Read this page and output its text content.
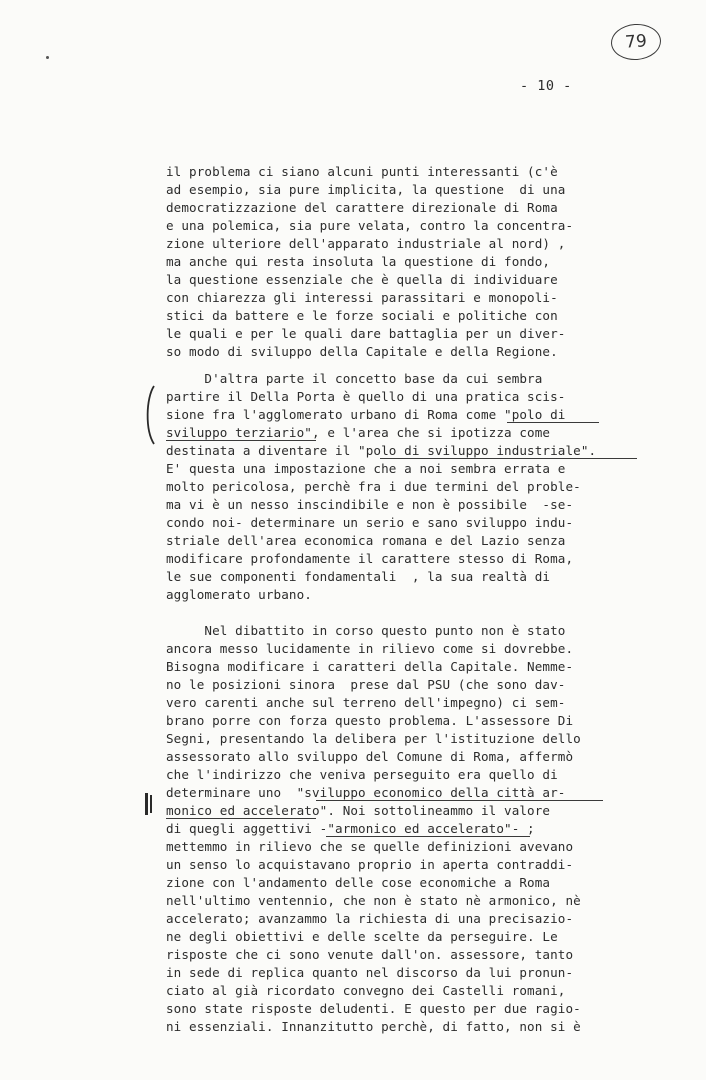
79
- 10 -
il problema ci siano alcuni punti interessanti (c'è
ad esempio, sia pure implicita, la questione  di una
democratizzazione del carattere direzionale di Roma
e una polemica, sia pure velata, contro la concentra-
zione ulteriore dell'apparato industriale al nord) ,
ma anche qui resta insoluta la questione di fondo,
la questione essenziale che è quella di individuare
con chiarezza gli interessi parassitari e monopoli-
stici da battere e le forze sociali e politiche con
le quali e per le quali dare battaglia per un diver-
so modo di sviluppo della Capitale e della Regione.
D'altra parte il concetto base da cui sembra
partire il Della Porta è quello di una pratica scis-
sione fra l'agglomerato urbano di Roma come "polo di
sviluppo terziario", e l'area che si ipotizza come
destinata a diventare il "polo di sviluppo industriale".
E' questa una impostazione che a noi sembra errata e
molto pericolosa, perchè fra i due termini del proble-
ma vi è un nesso inscindibile e non è possibile  -se-
condo noi- determinare un serio e sano sviluppo indu-
striale dell'area economica romana e del Lazio senza
modificare profondamente il carattere stesso di Roma,
le sue componenti fondamentali  , la sua realtà di
agglomerato urbano.
Nel dibattito in corso questo punto non è stato
ancora messo lucidamente in rilievo come si dovrebbe.
Bisogna modificare i caratteri della Capitale. Nemme-
no le posizioni sinora  prese dal PSU (che sono dav-
vero carenti anche sul terreno dell'impegno) ci sem-
brano porre con forza questo problema. L'assessore Di
Segni, presentando la delibera per l'istituzione dello
assessorato allo sviluppo del Comune di Roma, affermò
che l'indirizzo che veniva perseguito era quello di
determinare uno  "sviluppo economico della città ar-
monico ed accelerato". Noi sottolineammo il valore
di quegli aggettivi -"armonico ed accelerato"- ;
mettemmo in rilievo che se quelle definizioni avevano
un senso lo acquistavano proprio in aperta contraddi-
zione con l'andamento delle cose economiche a Roma
nell'ultimo ventennio, che non è stato nè armonico, nè
accelerato; avanzammo la richiesta di una precisazio-
ne degli obiettivi e delle scelte da perseguire. Le
risposte che ci sono venute dall'on. assessore, tanto
in sede di replica quanto nel discorso da lui pronun-
ciato al già ricordato convegno dei Castelli romani,
sono state risposte deludenti. E questo per due ragio-
ni essenziali. Innanzitutto perchè, di fatto, non si è
